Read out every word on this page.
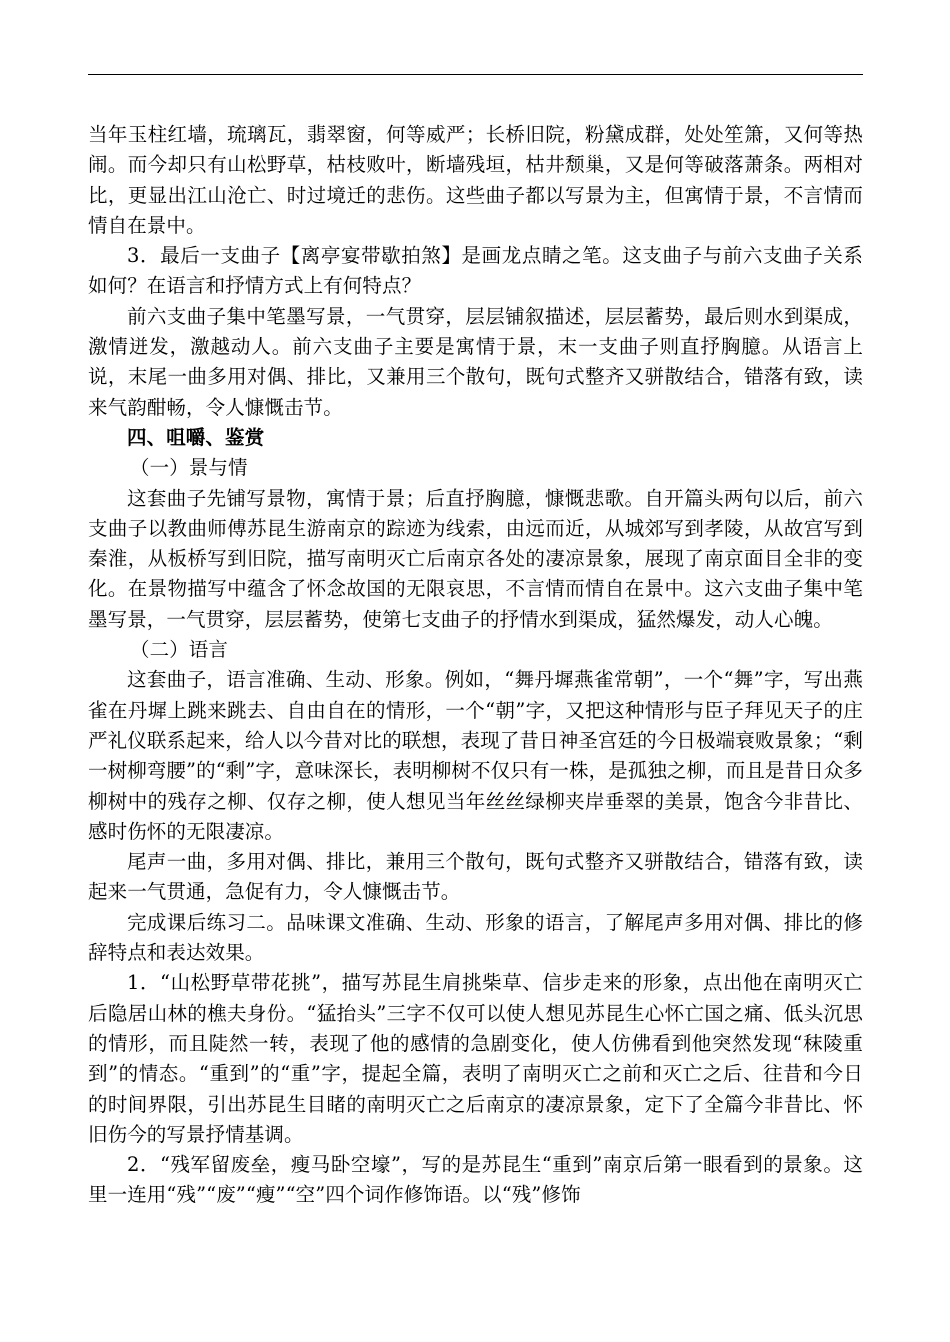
当年玉柱红墙，琉璃瓦，翡翠窗，何等威严；长桥旧院，粉黛成群，处处笙箫，又何等热闹。而今却只有山松野草，枯枝败叶，断墙残垣，枯井颓巢，又是何等破落萧条。两相对比，更显出江山沧亡、时过境迁的悲伤。这些曲子都以写景为主，但寓情于景，不言情而情自在景中。

3．最后一支曲子【离亭宴带歇拍煞】是画龙点睛之笔。这支曲子与前六支曲子关系如何？在语言和抒情方式上有何特点？

前六支曲子集中笔墨写景，一气贯穿，层层铺叙描述，层层蓄势，最后则水到渠成，激情迸发，激越动人。前六支曲子主要是寓情于景，末一支曲子则直抒胸臆。从语言上说，末尾一曲多用对偶、排比，又兼用三个散句，既句式整齐又骈散结合，错落有致，读来气韵酣畅，令人慷慨击节。

四、咀嚼、鉴赏

（一）景与情

这套曲子先铺写景物，寓情于景；后直抒胸臆，慷慨悲歌。自开篇头两句以后，前六支曲子以教曲师傅苏昆生游南京的踪迹为线索，由远而近，从城郊写到孝陵，从故宫写到秦淮，从板桥写到旧院，描写南明灭亡后南京各处的凄凉景象，展现了南京面目全非的变化。在景物描写中蕴含了怀念故国的无限哀思，不言情而情自在景中。这六支曲子集中笔墨写景，一气贯穿，层层蓄势，使第七支曲子的抒情水到渠成，猛然爆发，动人心魄。

（二）语言

这套曲子，语言准确、生动、形象。例如，“舞丹墀燕雀常朝”，一个“舞”字，写出燕雀在丹墀上跳来跳去、自由自在的情形，一个“朝”字，又把这种情形与臣子拜见天子的庄严礼仪联系起来，给人以今昔对比的联想，表现了昔日神圣宫廷的今日极端衰败景象；“剩一树柳弯腰”的“剩”字，意味深长，表明柳树不仅只有一株，是孤独之柳，而且是昔日众多柳树中的残存之柳、仅存之柳，使人想见当年丝丝绿柳夹岸垂翠的美景，饱含今非昔比、感时伤怀的无限凄凉。

尾声一曲，多用对偶、排比，兼用三个散句，既句式整齐又骈散结合，错落有致，读起来一气贯通，急促有力，令人慷慨击节。

完成课后练习二。品味课文准确、生动、形象的语言，了解尾声多用对偶、排比的修辞特点和表达效果。

1．“山松野草带花挑”，描写苏昆生肩挑柴草、信步走来的形象，点出他在南明灭亡后隐居山林的樵夫身份。“猛抬头”三字不仅可以使人想见苏昆生心怀亡国之痛、低头沉思的情形，而且陡然一转，表现了他的感情的急剧变化，使人仿佛看到他突然发现“秣陵重到”的情态。“重到”的“重”字，提起全篇，表明了南明灭亡之前和灭亡之后、往昔和今日的时间界限，引出苏昆生目睹的南明灭亡之后南京的凄凉景象，定下了全篇今非昔比、怀旧伤今的写景抒情基调。

2．“残军留废垒，瘦马卧空壕”，写的是苏昆生“重到”南京后第一眼看到的景象。这里一连用“残”“废”“瘦”“空”四个词作修饰语。以“残”修饰
